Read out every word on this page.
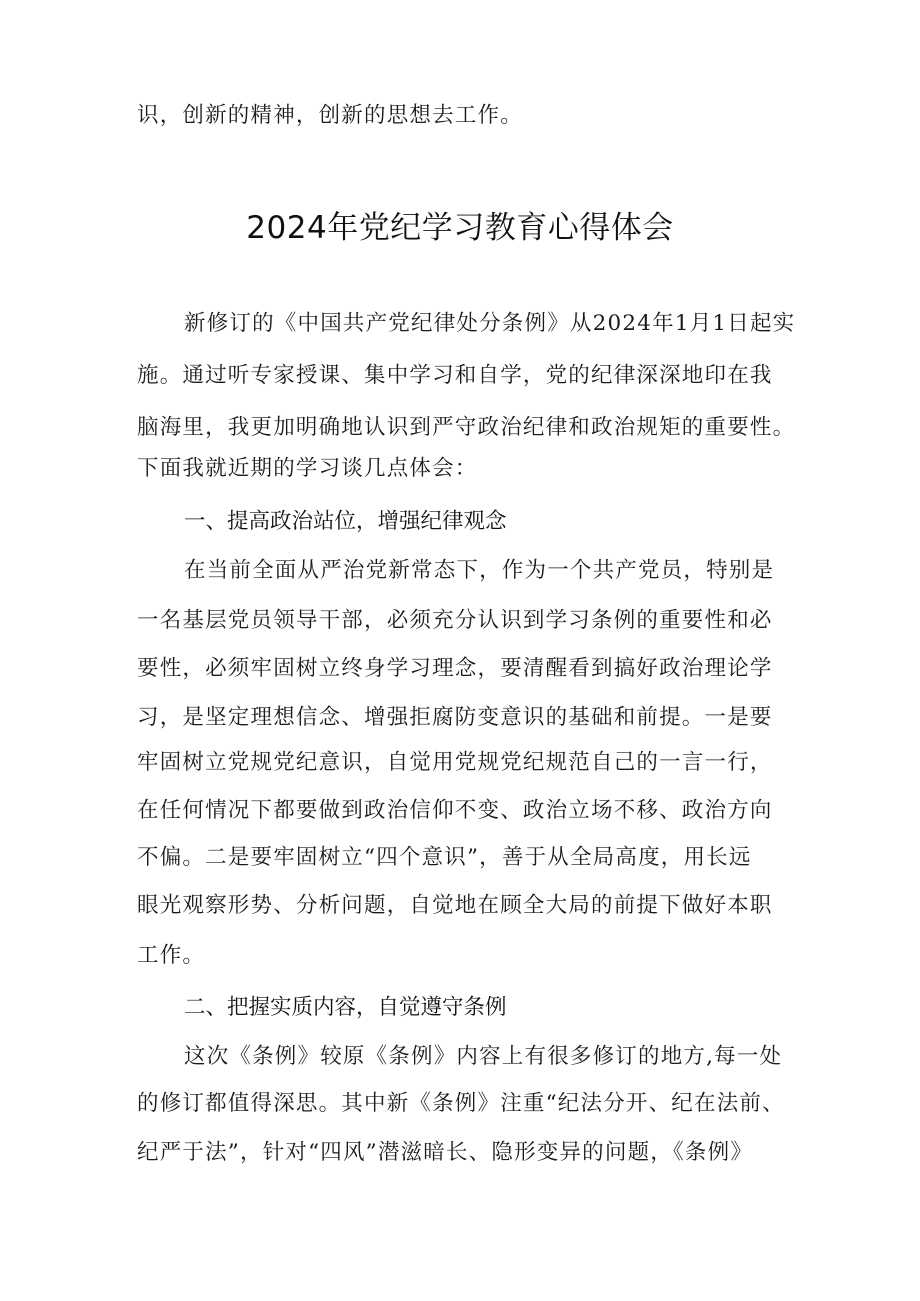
识，创新的精神，创新的思想去工作。
2024年党纪学习教育心得体会
新修订的《中国共产党纪律处分条例》从2024年1月1日起实
施。通过听专家授课、集中学习和自学，党的纪律深深地印在我
脑海里，我更加明确地认识到严守政治纪律和政治规矩的重要性。
下面我就近期的学习谈几点体会：
一、提高政治站位，增强纪律观念
在当前全面从严治党新常态下，作为一个共产党员，特别是
一名基层党员领导干部，必须充分认识到学习条例的重要性和必
要性，必须牢固树立终身学习理念，要清醒看到搞好政治理论学
习，是坚定理想信念、增强拒腐防变意识的基础和前提。一是要
牢固树立党规党纪意识，自觉用党规党纪规范自己的一言一行，
在任何情况下都要做到政治信仰不变、政治立场不移、政治方向
不偏。二是要牢固树立“四个意识”，善于从全局高度，用长远
眼光观察形势、分析问题，自觉地在顾全大局的前提下做好本职
工作。
二、把握实质内容，自觉遵守条例
这次《条例》较原《条例》内容上有很多修订的地方,每一处
的修订都值得深思。其中新《条例》注重“纪法分开、纪在法前、
纪严于法”，针对“四风”潜滋暗长、隐形变异的问题，《条例》
